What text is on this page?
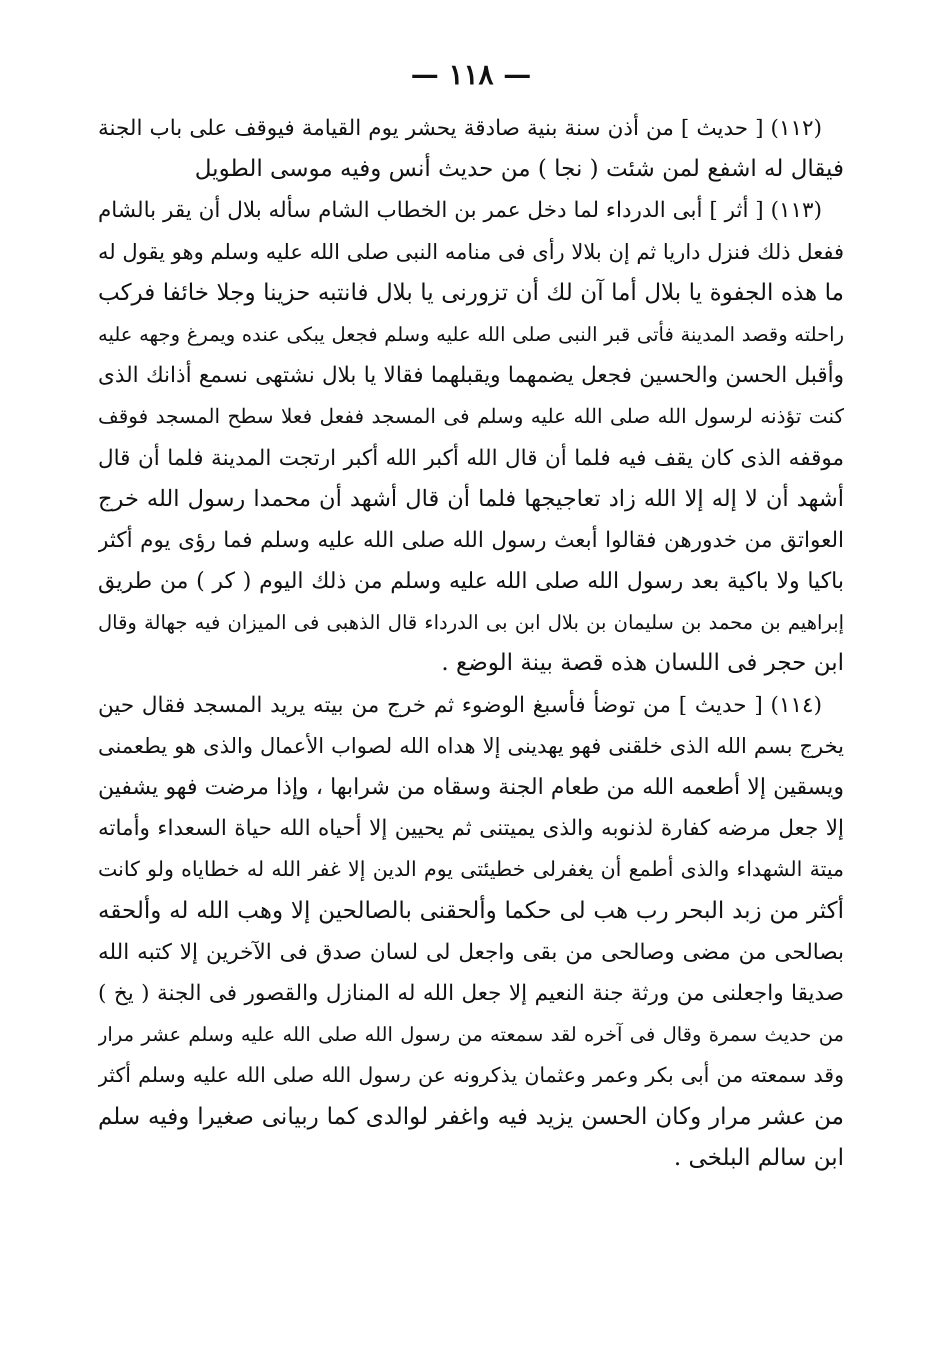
— ١١٨ —
(١١٢) [ حديث ] من أذن سنة بنية صادقة يحشر يوم القيامة فيوقف على باب الجنة
فيقال له اشفع لمن شئت ( نجا ) من حديث أنس وفيه موسى الطويل
(١١٣) [ أثر ] أبى الدرداء لما دخل عمر بن الخطاب الشام سأله بلال أن يقر بالشام
ففعل ذلك فنزل داريا ثم إن بلالا رأى فى منامه النبى صلى الله عليه وسلم وهو يقول له
ما هذه الجفوة يا بلال أما آن لك أن تزورنى يا بلال فانتبه حزينا وجلا خائفا فركب
راحلته وقصد المدينة فأتى قبر النبى صلى الله عليه وسلم فجعل يبكى عنده ويمرغ وجهه عليه
وأقبل الحسن والحسين فجعل يضمهما ويقبلهما فقالا يا بلال نشتهى نسمع أذانك الذى
كنت تؤذنه لرسول الله صلى الله عليه وسلم فى المسجد ففعل فعلا سطح المسجد فوقف
موقفه الذى كان يقف فيه فلما أن قال الله أكبر الله أكبر ارتجت المدينة فلما أن قال
أشهد أن لا إله إلا الله زاد تعاجيجها فلما أن قال أشهد أن محمدا رسول الله خرج
العواتق من خدورهن فقالوا أبعث رسول الله صلى الله عليه وسلم فما رؤى يوم أكثر
باكيا ولا باكية بعد رسول الله صلى الله عليه وسلم من ذلك اليوم ( كر ) من طريق
إبراهيم بن محمد بن سليمان بن بلال ابن بى الدرداء قال الذهبى فى الميزان فيه جهالة وقال
ابن حجر فى اللسان هذه قصة بينة الوضع .
(١١٤) [ حديث ] من توضأ فأسبغ الوضوء ثم خرج من بيته يريد المسجد فقال حين
يخرج بسم الله الذى خلقنى فهو يهدينى إلا هداه الله لصواب الأعمال والذى هو يطعمنى
ويسقين إلا أطعمه الله من طعام الجنة وسقاه من شرابها ، وإذا مرضت فهو يشفين
إلا جعل مرضه كفارة لذنوبه والذى يميتنى ثم يحيين إلا أحياه الله حياة السعداء وأماته
ميتة الشهداء والذى أطمع أن يغفرلى خطيئتى يوم الدين إلا غفر الله له خطاياه ولو كانت
أكثر من زبد البحر رب هب لى حكما وألحقنى بالصالحين إلا وهب الله له وألحقه
بصالحى من مضى وصالحى من بقى واجعل لى لسان صدق فى الآخرين إلا كتبه الله
صديقا واجعلنى من ورثة جنة النعيم إلا جعل الله له المنازل والقصور فى الجنة ( يخ )
من حديث سمرة وقال فى آخره لقد سمعته من رسول الله صلى الله عليه وسلم عشر مرار
وقد سمعته من أبى بكر وعمر وعثمان يذكرونه عن رسول الله صلى الله عليه وسلم أكثر
من عشر مرار وكان الحسن يزيد فيه واغفر لوالدى كما ربيانى صغيرا وفيه سلم
ابن سالم البلخى .
